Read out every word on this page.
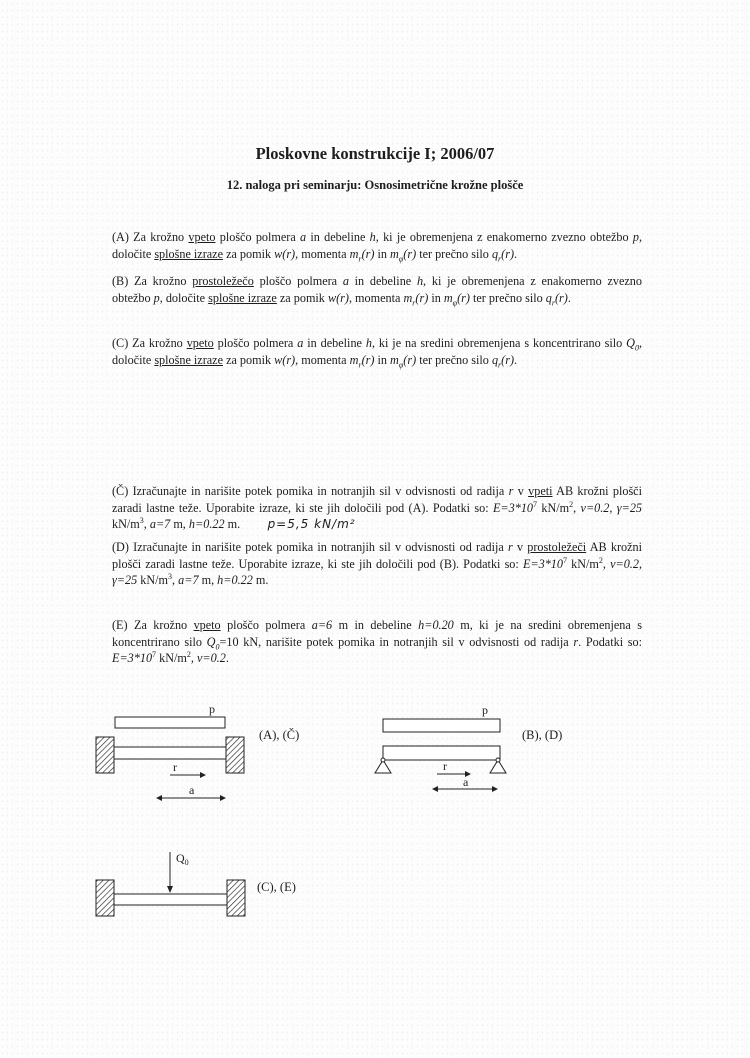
Ploskovne konstrukcije I; 2006/07
12. naloga pri seminarju: Osnosimetrične krožne plošče

(A) Za krožno vpeto ploščo polmera a in debeline h, ki je obremenjena z enakomerno zvezno obtežbo p, določite splošne izraze za pomik w(r), momenta $m_r(r)$ in $m_\varphi(r)$ ter prečno silo $q_r(r)$.

(B) Za krožno prostoležečo ploščo polmera a in debeline h, ki je obremenjena z enakomerno zvezno obtežbo p, določite splošne izraze za pomik w(r), momenta $m_r(r)$ in $m_\varphi(r)$ ter prečno silo $q_r(r)$.

(C) Za krožno vpeto ploščo polmera a in debeline h, ki je na sredini obremenjena s koncentrirano silo $Q_0$, določite splošne izraze za pomik w(r), momenta $m_r(r)$ in $m_\varphi(r)$ ter prečno silo $q_r(r)$.

(Č) Izračunajte in narišite potek pomika in notranjih sil v odvisnosti od radija r v vpeti AB krožni plošči zaradi lastne teže. Uporabite izraze, ki ste jih določili pod (A). Podatki so: $E=3*10^7$ $kN/m^2$, ν=0.2, γ=25 $kN/m^3$, a=7 m, h=0.22 m. p=5,5 kN/m²

(D) Izračunajte in narišite potek pomika in notranjih sil v odvisnosti od radija r v prostoležeči AB krožni plošči zaradi lastne teže. Uporabite izraze, ki ste jih določili pod (B). Podatki so: $E=3*10^7$ $kN/m^2$, ν=0.2, γ=25 $kN/m^3$, a=7 m, h=0.22 m.

(E) Za krožno vpeto ploščo polmera a=6 m in debeline h=0.20 m, ki je na sredini obremenjena s koncentrirano silo $Q_0=10$ kN, narišite potek pomika in notranjih sil v odvisnosti od radija r. Podatki so: $E=3*10^7$ $kN/m^2$, ν=0.2.

p
r
a
(A), (Č)
p
r
a
(B), (D)
$Q_0$
(C), (E)
